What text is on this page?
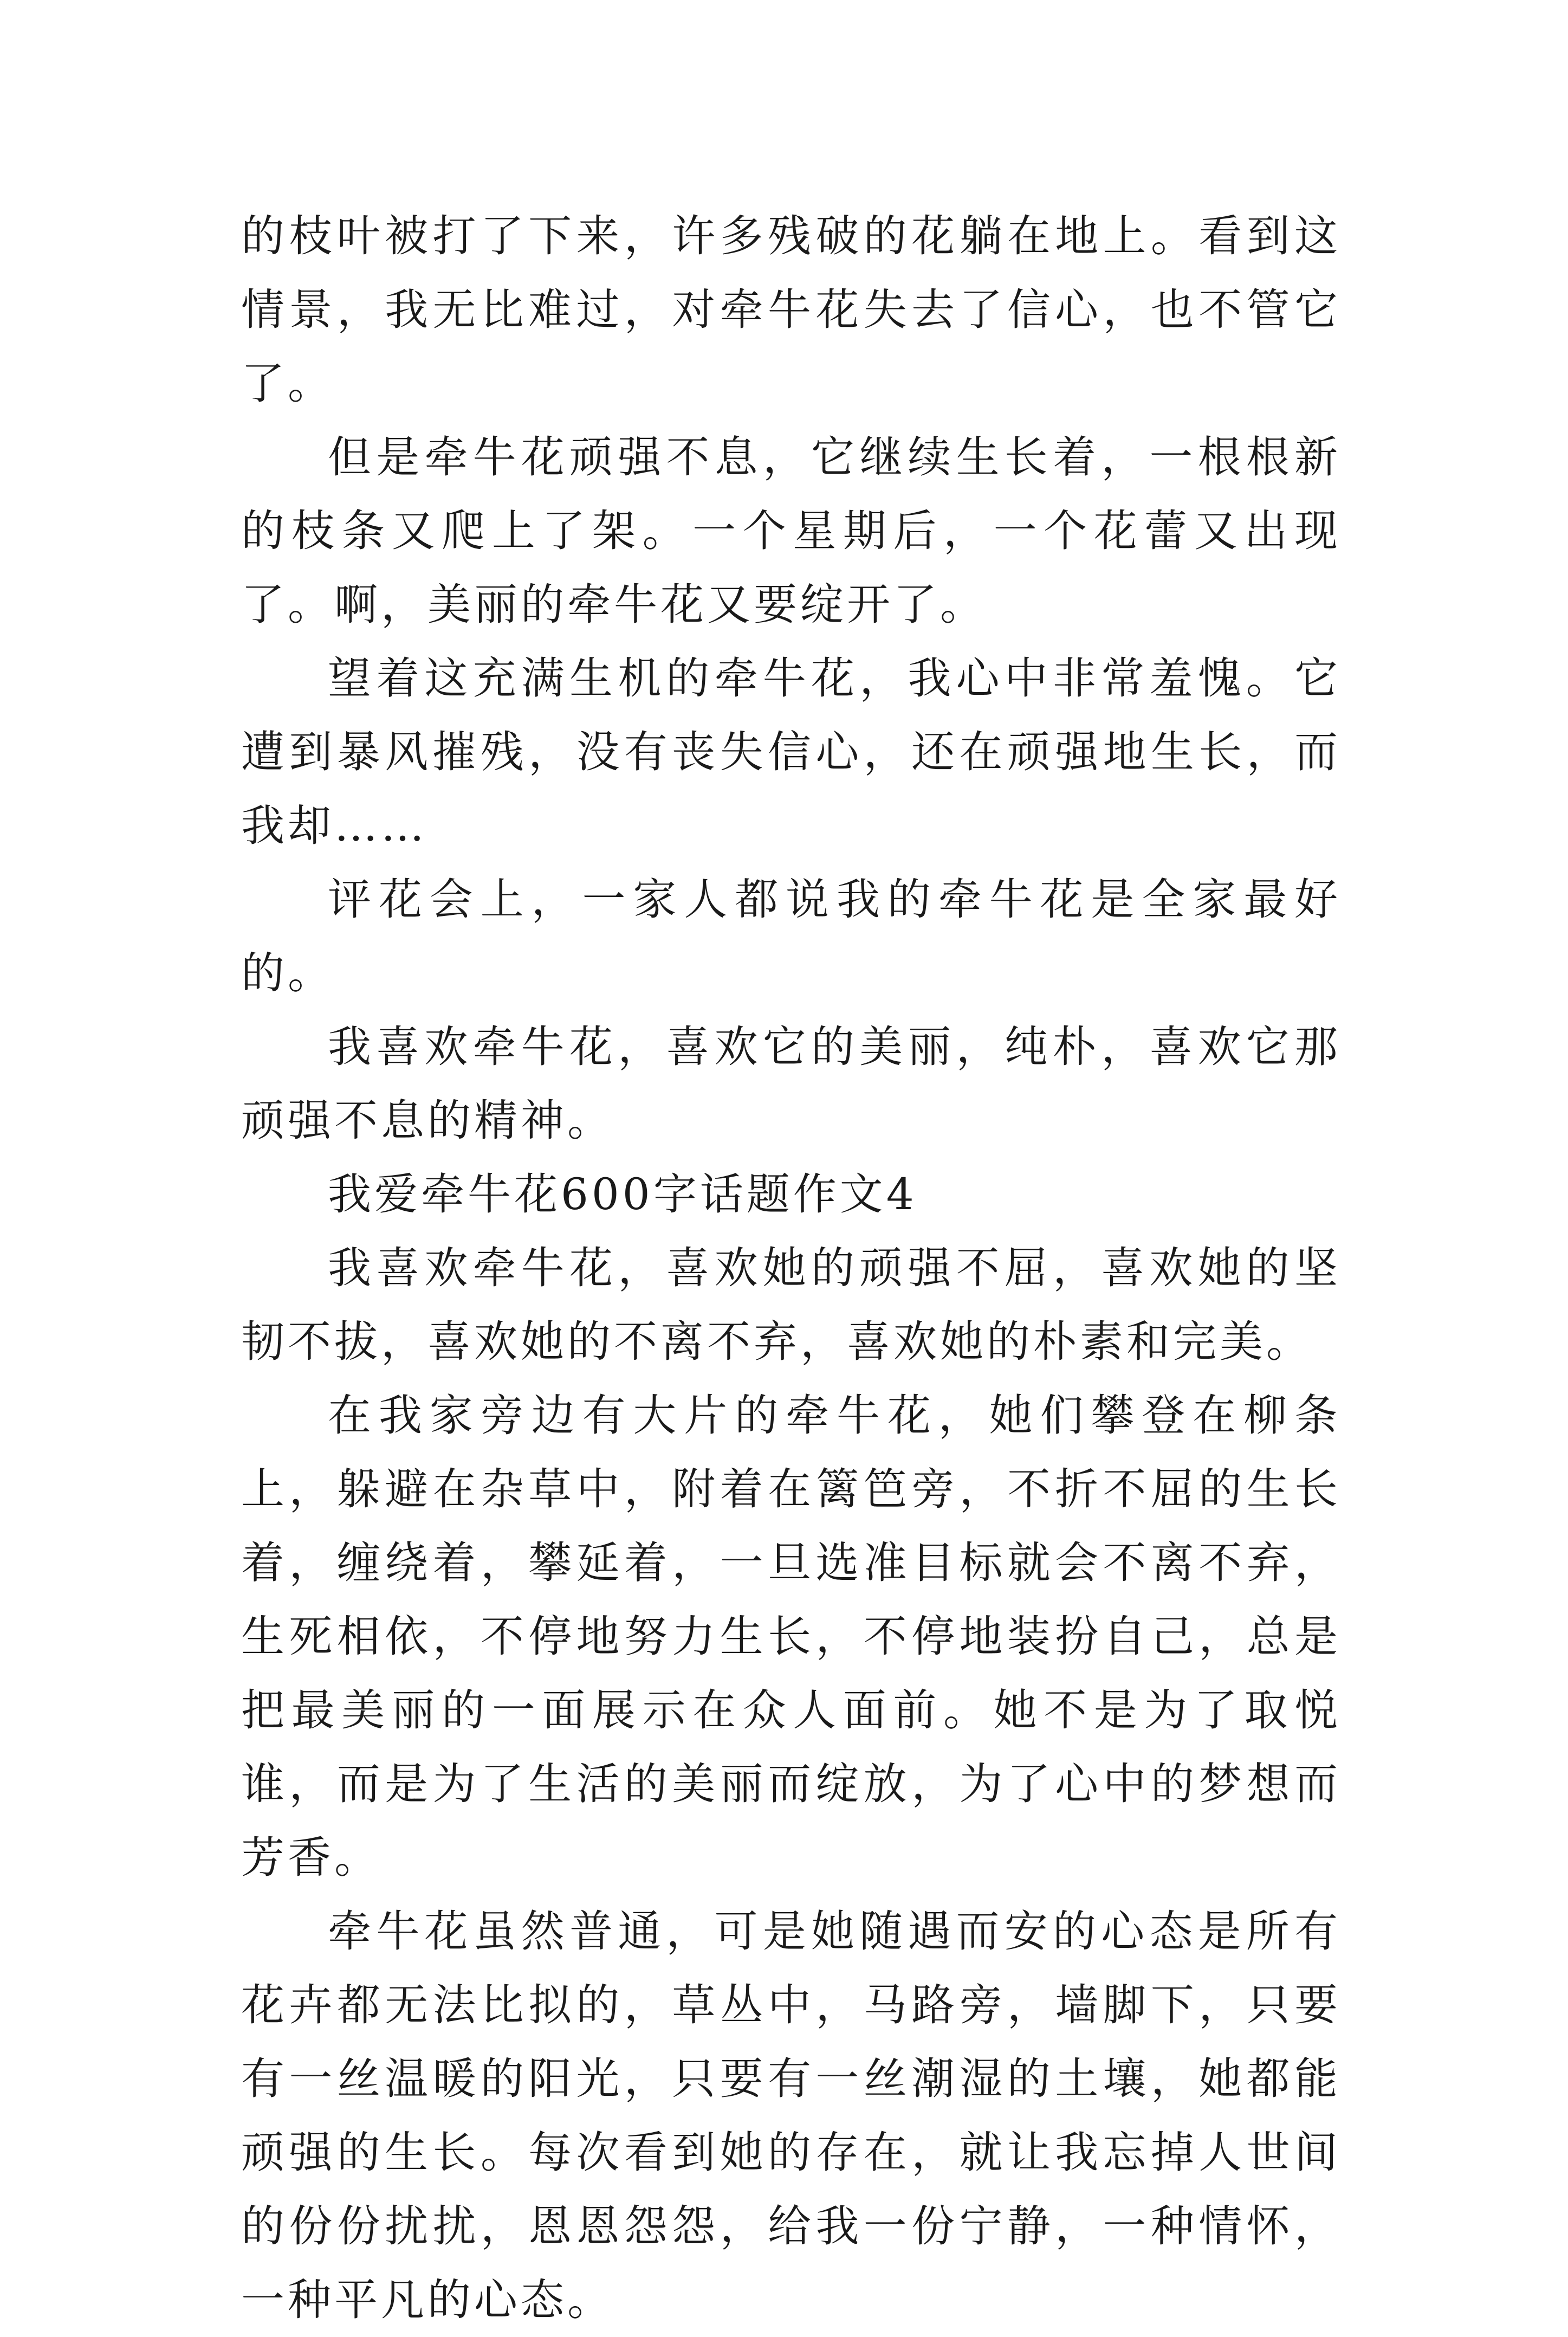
的枝叶被打了下来，许多残破的花躺在地上。看到这情景，我无比难过，对牵牛花失去了信心，也不管它了。

但是牵牛花顽强不息，它继续生长着，一根根新的枝条又爬上了架。一个星期后，一个花蕾又出现了。啊，美丽的牵牛花又要绽开了。

望着这充满生机的牵牛花，我心中非常羞愧。它遭到暴风摧残，没有丧失信心，还在顽强地生长，而我却……

评花会上，一家人都说我的牵牛花是全家最好的。

我喜欢牵牛花，喜欢它的美丽，纯朴，喜欢它那顽强不息的精神。

我爱牵牛花600字话题作文4

我喜欢牵牛花，喜欢她的顽强不屈，喜欢她的坚韧不拔，喜欢她的不离不弃，喜欢她的朴素和完美。

在我家旁边有大片的牵牛花，她们攀登在柳条上，躲避在杂草中，附着在篱笆旁，不折不屈的生长着，缠绕着，攀延着，一旦选准目标就会不离不弃，生死相依，不停地努力生长，不停地装扮自己，总是把最美丽的一面展示在众人面前。她不是为了取悦谁，而是为了生活的美丽而绽放，为了心中的梦想而芳香。

牵牛花虽然普通，可是她随遇而安的心态是所有花卉都无法比拟的，草丛中，马路旁，墙脚下，只要有一丝温暖的阳光，只要有一丝潮湿的土壤，她都能顽强的生长。每次看到她的存在，就让我忘掉人世间的份份扰扰，恩恩怨怨，给我一份宁静，一种情怀，一种平凡的心态。
